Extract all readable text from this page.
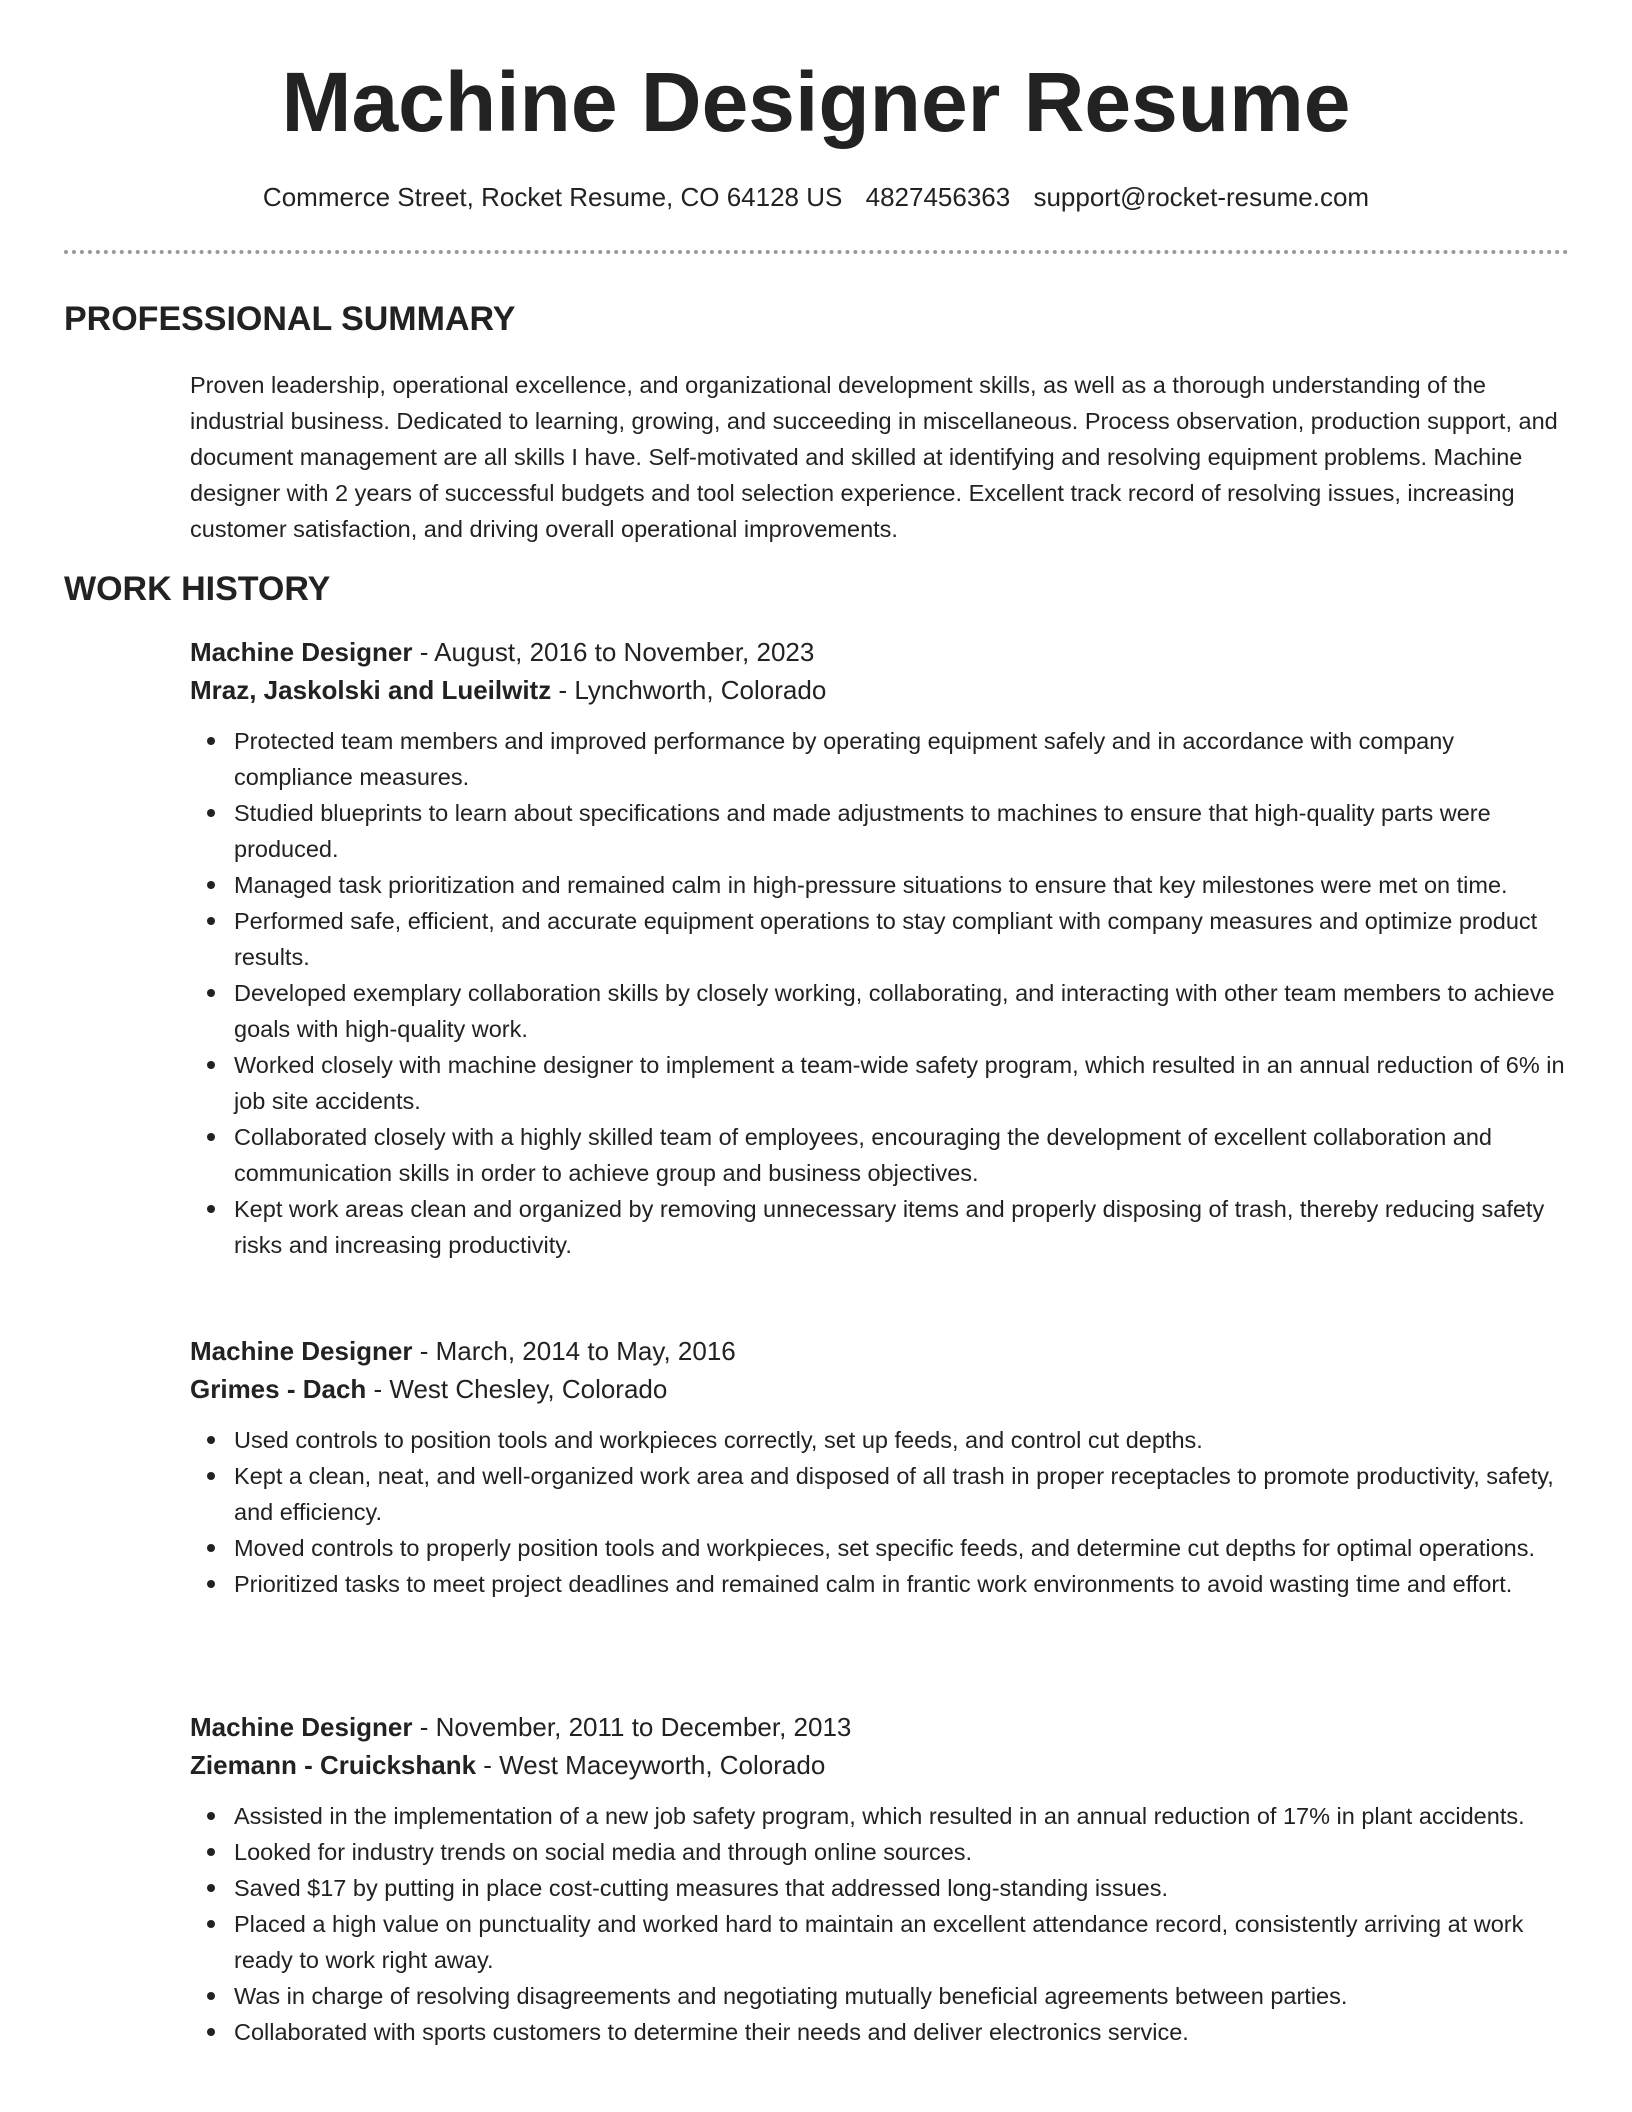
Machine Designer Resume
Commerce Street, Rocket Resume, CO 64128 US 4827456363 support@rocket-resume.com
PROFESSIONAL SUMMARY

Proven leadership, operational excellence, and organizational development skills, as well as a thorough understanding of the industrial business. Dedicated to learning, growing, and succeeding in miscellaneous. Process observation, production support, and document management are all skills I have. Self-motivated and skilled at identifying and resolving equipment problems. Machine designer with 2 years of successful budgets and tool selection experience. Excellent track record of resolving issues, increasing customer satisfaction, and driving overall operational improvements.

WORK HISTORY
Machine Designer - August, 2016 to November, 2023
Mraz, Jaskolski and Lueilwitz - Lynchworth, Colorado
Protected team members and improved performance by operating equipment safely and in accordance with company compliance measures.
Studied blueprints to learn about specifications and made adjustments to machines to ensure that high-quality parts were produced.
Managed task prioritization and remained calm in high-pressure situations to ensure that key milestones were met on time.
Performed safe, efficient, and accurate equipment operations to stay compliant with company measures and optimize product results.
Developed exemplary collaboration skills by closely working, collaborating, and interacting with other team members to achieve goals with high-quality work.
Worked closely with machine designer to implement a team-wide safety program, which resulted in an annual reduction of 6% in job site accidents.
Collaborated closely with a highly skilled team of employees, encouraging the development of excellent collaboration and communication skills in order to achieve group and business objectives.
Kept work areas clean and organized by removing unnecessary items and properly disposing of trash, thereby reducing safety risks and increasing productivity.
Machine Designer - March, 2014 to May, 2016
Grimes - Dach - West Chesley, Colorado
Used controls to position tools and workpieces correctly, set up feeds, and control cut depths.
Kept a clean, neat, and well-organized work area and disposed of all trash in proper receptacles to promote productivity, safety, and efficiency.
Moved controls to properly position tools and workpieces, set specific feeds, and determine cut depths for optimal operations.
Prioritized tasks to meet project deadlines and remained calm in frantic work environments to avoid wasting time and effort.
Machine Designer - November, 2011 to December, 2013
Ziemann - Cruickshank - West Maceyworth, Colorado
Assisted in the implementation of a new job safety program, which resulted in an annual reduction of 17% in plant accidents.
Looked for industry trends on social media and through online sources.
Saved $17 by putting in place cost-cutting measures that addressed long-standing issues.
Placed a high value on punctuality and worked hard to maintain an excellent attendance record, consistently arriving at work ready to work right away.
Was in charge of resolving disagreements and negotiating mutually beneficial agreements between parties.
Collaborated with sports customers to determine their needs and deliver electronics service.
